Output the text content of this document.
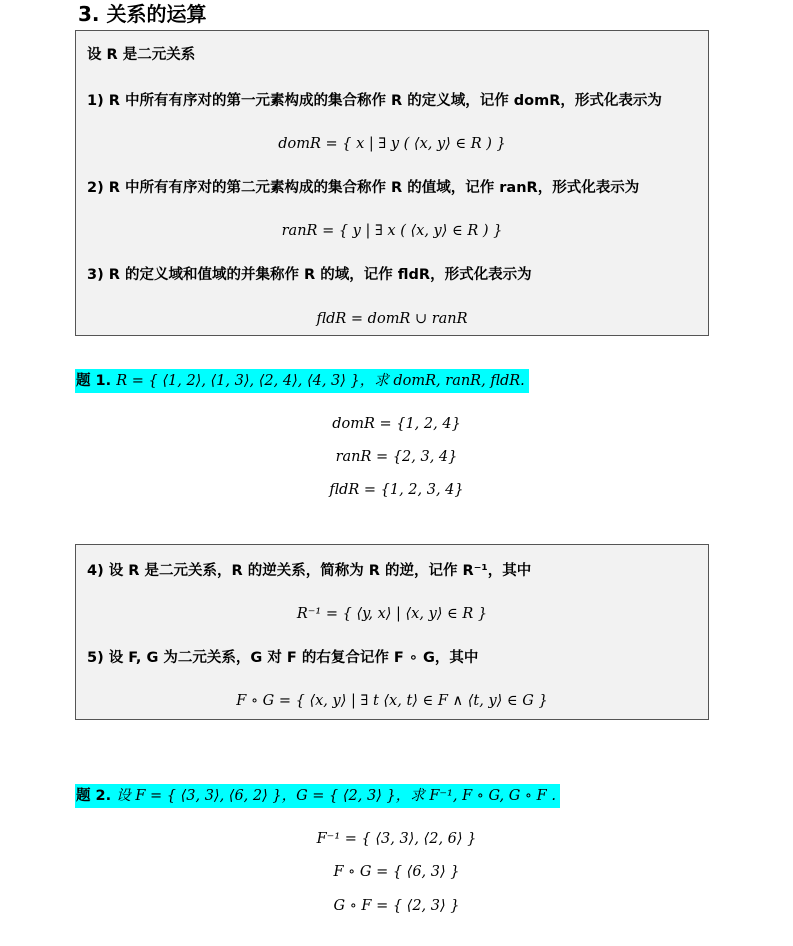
3. 关系的运算
设 R 是二元关系
1) R 中所有有序对的第一元素构成的集合称作 R 的定义域，记作 domR，形式化表示为
domR = { x | ∃ y ( ⟨x, y⟩ ∈ R ) }
2) R 中所有有序对的第二元素构成的集合称作 R 的值域，记作 ranR，形式化表示为
ranR = { y | ∃ x ( ⟨x, y⟩ ∈ R ) }
3) R 的定义域和值域的并集称作 R 的域，记作 fldR，形式化表示为
fldR = domR ∪ ranR
题 1. R = { ⟨1, 2⟩, ⟨1, 3⟩, ⟨2, 4⟩, ⟨4, 3⟩ }，求 domR, ranR, fldR.
domR = {1, 2, 4}
ranR = {2, 3, 4}
fldR = {1, 2, 3, 4}
4) 设 R 是二元关系，R 的逆关系，简称为 R 的逆，记作 R⁻¹，其中
R⁻¹ = { ⟨y, x⟩ | ⟨x, y⟩ ∈ R }
5) 设 F, G 为二元关系，G 对 F 的右复合记作 F ∘ G，其中
F ∘ G = { ⟨x, y⟩ | ∃ t ⟨x, t⟩ ∈ F ∧ ⟨t, y⟩ ∈ G }
题 2. 设 F = { ⟨3, 3⟩, ⟨6, 2⟩ }，G = { ⟨2, 3⟩ }，求 F⁻¹, F ∘ G, G ∘ F .
F⁻¹ = { ⟨3, 3⟩, ⟨2, 6⟩ }
F ∘ G = { ⟨6, 3⟩ }
G ∘ F = { ⟨2, 3⟩ }
